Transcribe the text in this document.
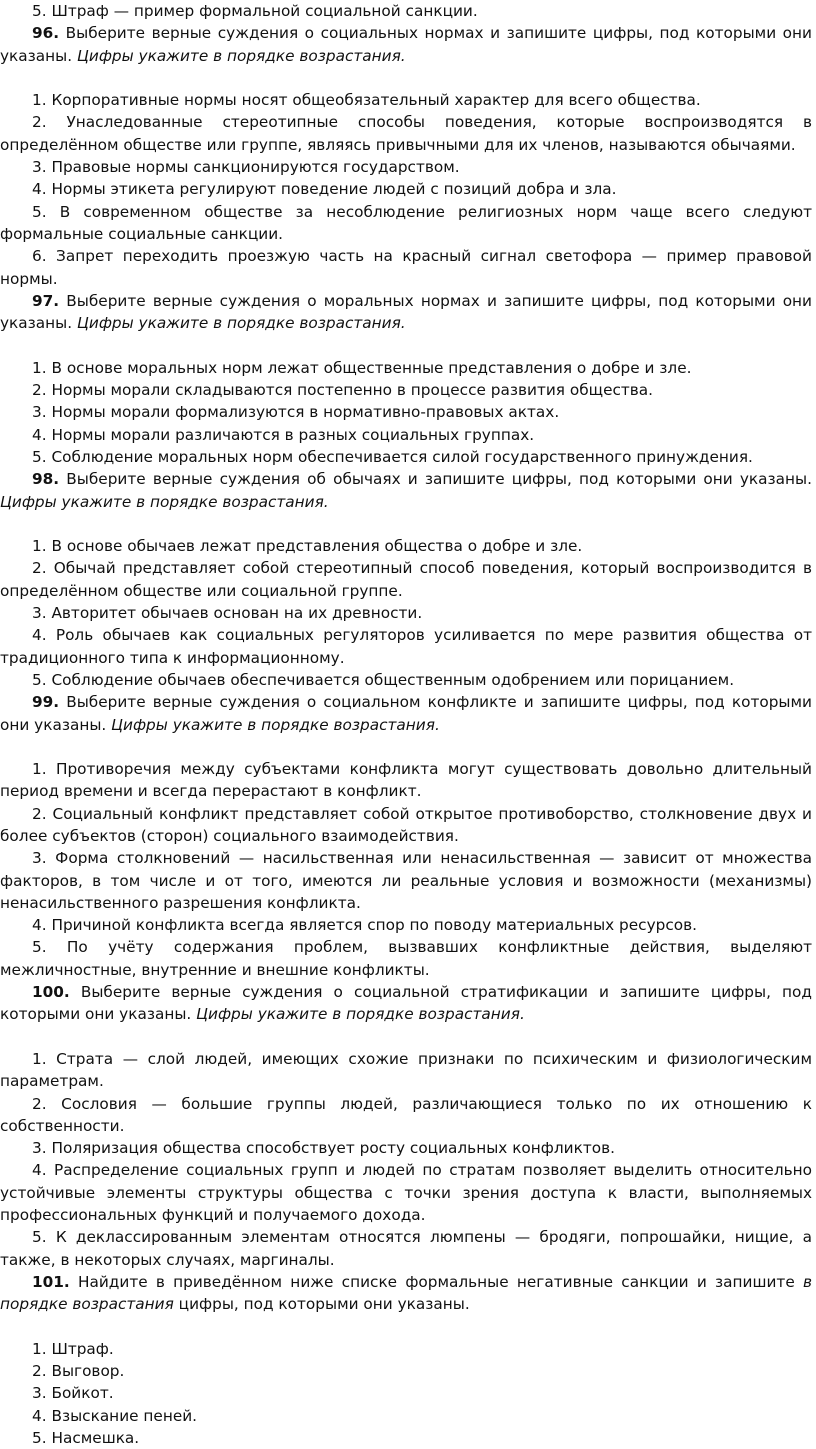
5. Штраф — пример формальной социальной санкции.

96. Выберите верные суждения о социальных нормах и запишите цифры, под которыми они указаны. Цифры укажите в порядке возрастания.

1. Корпоративные нормы носят общеобязательный характер для всего общества.

2. Унаследованные стереотипные способы поведения, которые воспроизводятся в определённом обществе или группе, являясь привычными для их членов, называются обычаями.

3. Правовые нормы санкционируются государством.

4. Нормы этикета регулируют поведение людей с позиций добра и зла.

5. В современном обществе за несоблюдение религиозных норм чаще всего следуют формальные социальные санкции.

6. Запрет переходить проезжую часть на красный сигнал светофора — пример правовой нормы.

97. Выберите верные суждения о моральных нормах и запишите цифры, под которыми они указаны. Цифры укажите в порядке возрастания.

1. В основе моральных норм лежат общественные представления о добре и зле.

2. Нормы морали складываются постепенно в процессе развития общества.

3. Нормы морали формализуются в нормативно-правовых актах.

4. Нормы морали различаются в разных социальных группах.

5. Соблюдение моральных норм обеспечивается силой государственного принуждения.

98. Выберите верные суждения об обычаях и запишите цифры, под которыми они указаны. Цифры укажите в порядке возрастания.

1. В основе обычаев лежат представления общества о добре и зле.

2. Обычай представляет собой стереотипный способ поведения, который воспроизводится в определённом обществе или социальной группе.

3. Авторитет обычаев основан на их древности.

4. Роль обычаев как социальных регуляторов усиливается по мере развития общества от традиционного типа к информационному.

5. Соблюдение обычаев обеспечивается общественным одобрением или порицанием.

99. Выберите верные суждения о социальном конфликте и запишите цифры, под которыми они указаны. Цифры укажите в порядке возрастания.

1. Противоречия между субъектами конфликта могут существовать довольно длительный период времени и всегда перерастают в конфликт.

2. Социальный конфликт представляет собой открытое противоборство, столкновение двух и более субъектов (сторон) социального взаимодействия.

3. Форма столкновений — насильственная или ненасильственная — зависит от множества факторов, в том числе и от того, имеются ли реальные условия и возможности (механизмы) ненасильственного разрешения конфликта.

4. Причиной конфликта всегда является спор по поводу материальных ресурсов.

5. По учёту содержания проблем, вызвавших конфликтные действия, выделяют межличностные, внутренние и внешние конфликты.

100. Выберите верные суждения о социальной стратификации и запишите цифры, под которыми они указаны. Цифры укажите в порядке возрастания.

1. Страта — слой людей, имеющих схожие признаки по психическим и физиологическим параметрам.

2. Сословия — большие группы людей, различающиеся только по их отношению к собственности.

3. Поляризация общества способствует росту социальных конфликтов.

4. Распределение социальных групп и людей по стратам позволяет выделить относительно устойчивые элементы структуры общества с точки зрения доступа к власти, выполняемых профессиональных функций и получаемого дохода.

5. К деклассированным элементам относятся люмпены — бродяги, попрошайки, нищие, а также, в некоторых случаях, маргиналы.

101. Найдите в приведённом ниже списке формальные негативные санкции и запишите в порядке возрастания цифры, под которыми они указаны.

1. Штраф.

2. Выговор.

3. Бойкот.

4. Взыскание пеней.

5. Насмешка.
